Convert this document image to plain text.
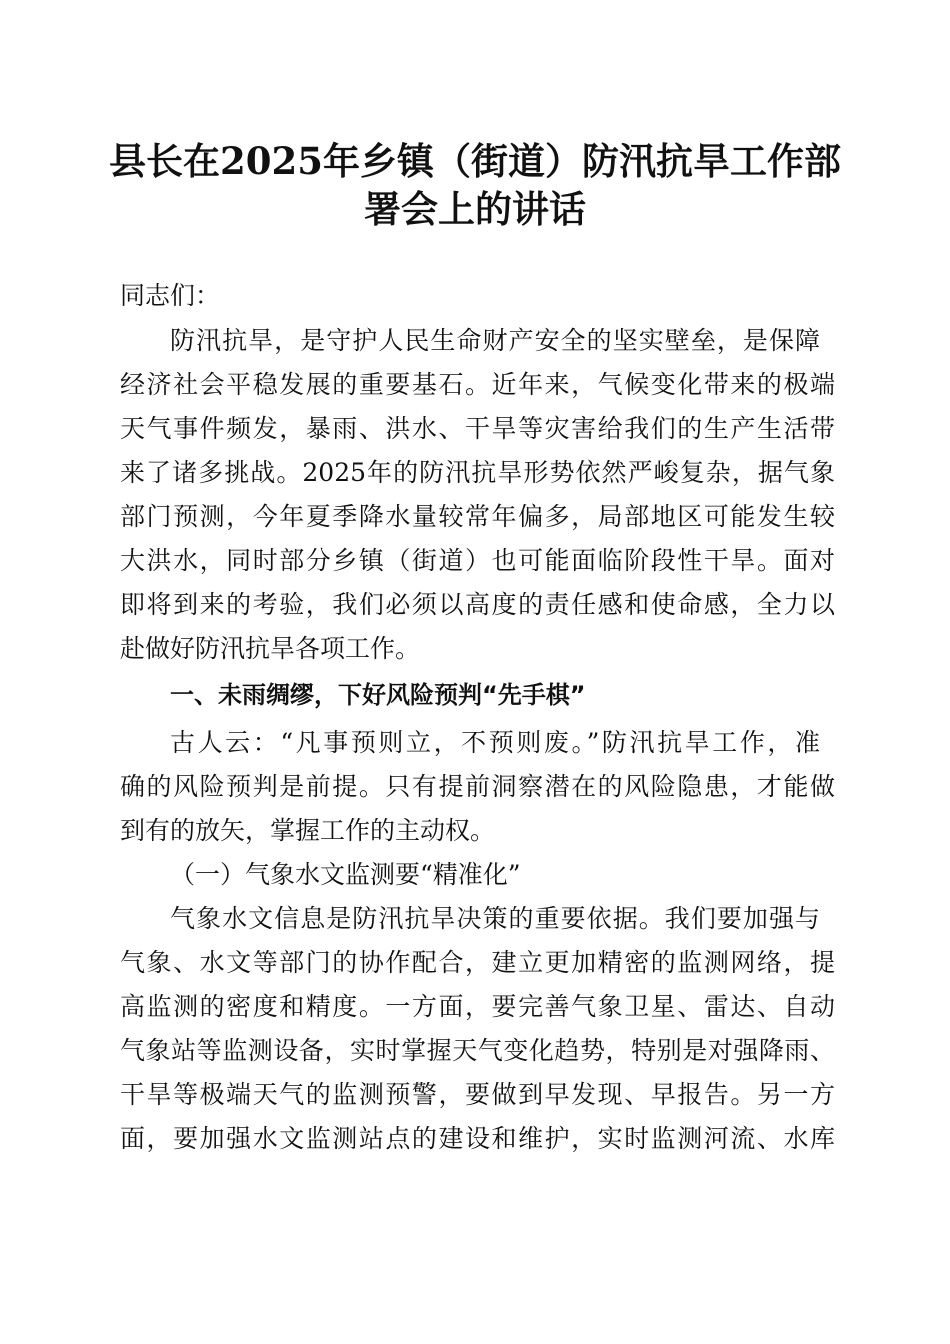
县长在2025年乡镇（街道）防汛抗旱工作部
署会上的讲话

同志们：

防汛抗旱，是守护人民生命财产安全的坚实壁垒，是保障

经济社会平稳发展的重要基石。近年来，气候变化带来的极端

天气事件频发，暴雨、洪水、干旱等灾害给我们的生产生活带

来了诸多挑战。2025年的防汛抗旱形势依然严峻复杂，据气象

部门预测，今年夏季降水量较常年偏多，局部地区可能发生较

大洪水，同时部分乡镇（街道）也可能面临阶段性干旱。面对

即将到来的考验，我们必须以高度的责任感和使命感，全力以

赴做好防汛抗旱各项工作。

一、未雨绸缪，下好风险预判“先手棋”

古人云：“凡事预则立，不预则废。”防汛抗旱工作，准

确的风险预判是前提。只有提前洞察潜在的风险隐患，才能做

到有的放矢，掌握工作的主动权。

（一）气象水文监测要“精准化”

气象水文信息是防汛抗旱决策的重要依据。我们要加强与

气象、水文等部门的协作配合，建立更加精密的监测网络，提

高监测的密度和精度。一方面，要完善气象卫星、雷达、自动

气象站等监测设备，实时掌握天气变化趋势，特别是对强降雨、

干旱等极端天气的监测预警，要做到早发现、早报告。另一方

面，要加强水文监测站点的建设和维护，实时监测河流、水库
